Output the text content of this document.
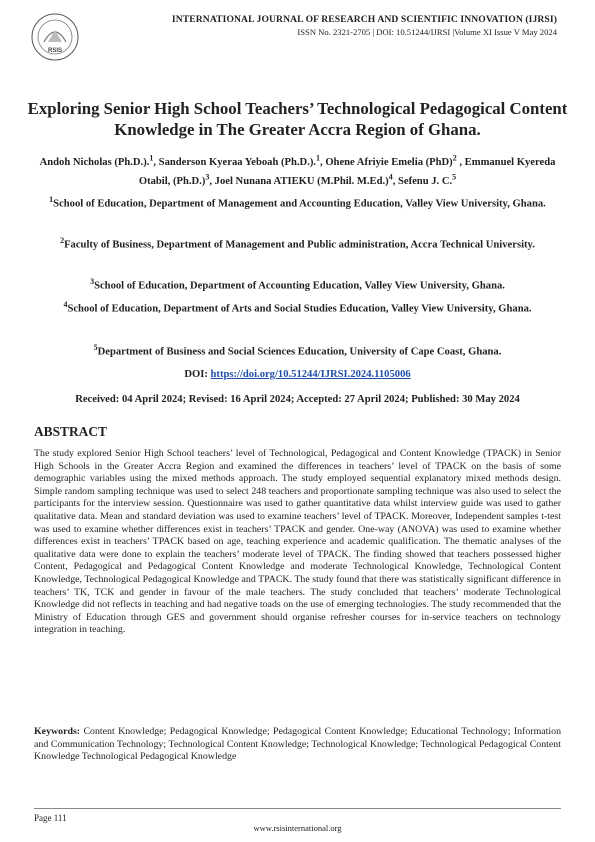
RSIS
INTERNATIONAL JOURNAL OF RESEARCH AND SCIENTIFIC INNOVATION (IJRSI)
ISSN No. 2321-2705 | DOI: 10.51244/IJRSI |Volume XI Issue V May 2024
Exploring Senior High School Teachers’ Technological Pedagogical Content Knowledge in The Greater Accra Region of Ghana.
Andoh Nicholas (Ph.D.).$^1$, Sanderson Kyeraa Yeboah (Ph.D.).$^1$, Ohene Afriyie Emelia (PhD)$^2$ , Emmanuel Kyereda Otabil, $(Ph.D.)^3$, Joel Nunana ATIEKU (M.Phil. M.Ed.)$^4$, Sefenu J. C.$^5$
$^1$School of Education, Department of Management and Accounting Education, Valley View University, Ghana.
$^2$Faculty of Business, Department of Management and Public administration, Accra Technical University.
$^3$School of Education, Department of Accounting Education, Valley View University, Ghana.
$^4$School of Education, Department of Arts and Social Studies Education, Valley View University, Ghana.
$^5$Department of Business and Social Sciences Education, University of Cape Coast, Ghana.
DOI: https://doi.org/10.51244/IJRSI.2024.1105006
Received: 04 April 2024; Revised: 16 April 2024; Accepted: 27 April 2024; Published: 30 May 2024
ABSTRACT

The study explored Senior High School teachers’ level of Technological, Pedagogical and Content Knowledge (TPACK) in Senior High Schools in the Greater Accra Region and examined the differences in teachers’ level of TPACK on the basis of some demographic variables using the mixed methods approach. The study employed sequential explanatory mixed methods design. Simple random sampling technique was used to select 248 teachers and proportionate sampling technique was also used to select the participants for the interview session. Questionnaire was used to gather quantitative data whilst interview guide was used to gather qualitative data. Mean and standard deviation was used to examine teachers’ level of TPACK. Moreover, Independent samples t-test was used to examine whether differences exist in teachers’ TPACK and gender. One-way (ANOVA) was used to examine whether differences exist in teachers’ TPACK based on age, teaching experience and academic qualification. The thematic analyses of the qualitative data were done to explain the teachers’ moderate level of TPACK. The finding showed that teachers possessed higher Content, Pedagogical and Pedagogical Content Knowledge and moderate Technological Knowledge, Technological Content Knowledge, Technological Pedagogical Knowledge and TPACK. The study found that there was statistically significant difference in teachers’ TK, TCK and gender in favour of the male teachers. The study concluded that teachers’ moderate Technological Knowledge did not reflects in teaching and had negative toads on the use of emerging technologies. The study recommended that the Ministry of Education through GES and government should organise refresher courses for in-service teachers on technology integration in teaching.

Keywords: Content Knowledge; Pedagogical Knowledge; Pedagogical Content Knowledge; Educational Technology; Information and Communication Technology; Technological Content Knowledge; Technological Knowledge; Technological Pedagogical Content Knowledge Technological Pedagogical Knowledge

Page 111
www.rsisinternational.org
